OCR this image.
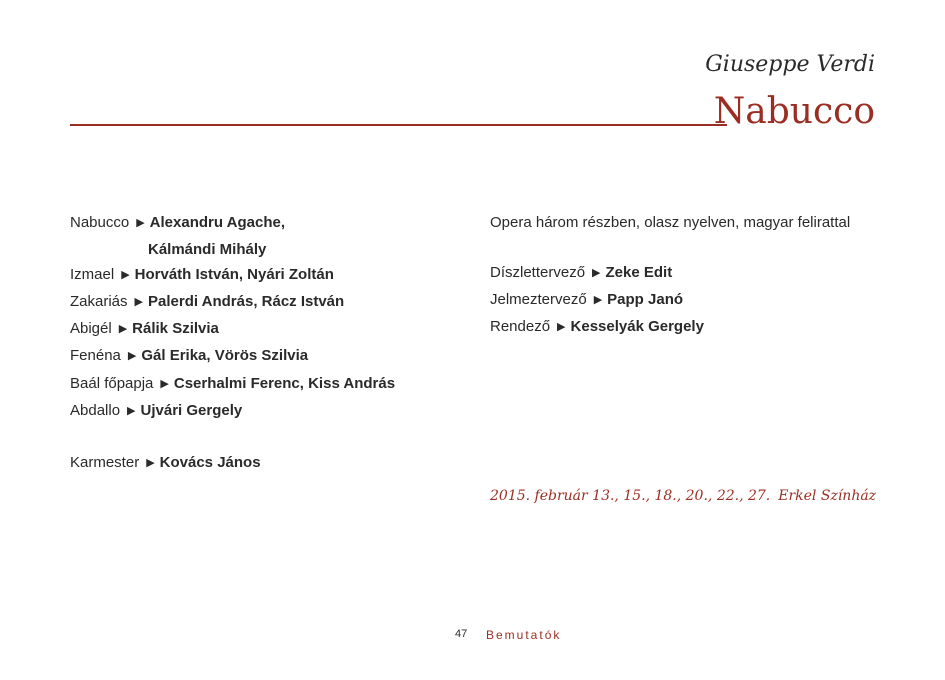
Giuseppe Verdi
Nabucco
Nabucco ▶ Alexandru Agache,
Kálmándi Mihály
Izmael ▶ Horváth István, Nyári Zoltán
Zakariás ▶ Palerdi András, Rácz István
Abigél ▶ Rálik Szilvia
Fenéna ▶ Gál Erika, Vörös Szilvia
Baál főpapja ▶ Cserhalmi Ferenc, Kiss András
Abdallo ▶ Ujvári Gergely
Karmester ▶ Kovács János
Opera három részben, olasz nyelven, magyar felirattal
Díszlettervező ▶ Zeke Edit
Jelmeztervező ▶ Papp Janó
Rendező ▶ Kesselyák Gergely
2015. február 13., 15., 18., 20., 22., 27. Erkel Színház
47 Bemutatók
